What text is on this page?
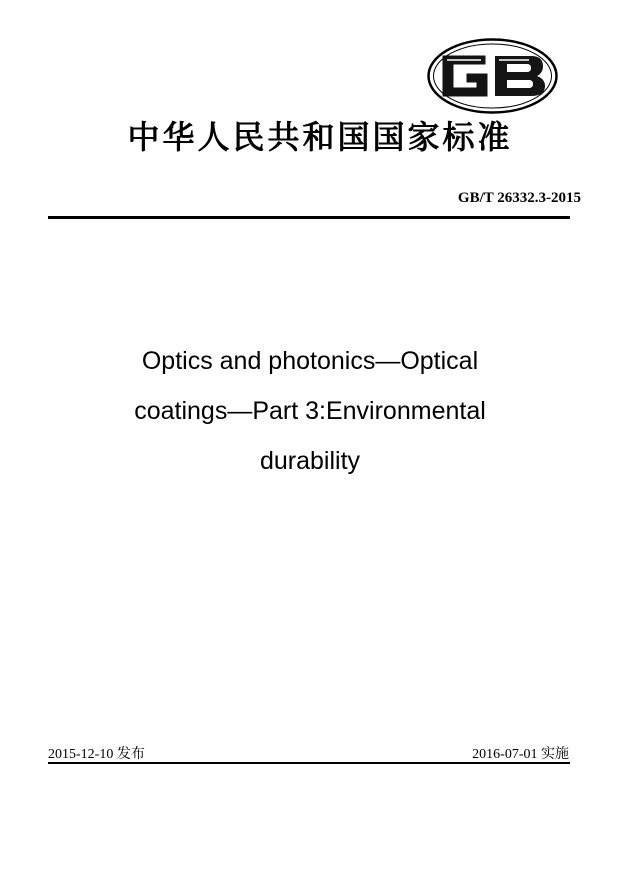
中华人民共和国国家标准
GB/T 26332.3-2015
Optics and photonics—Optical
coatings—Part 3:Environmental
durability
2015-12-10 发布	2016-07-01 实施
